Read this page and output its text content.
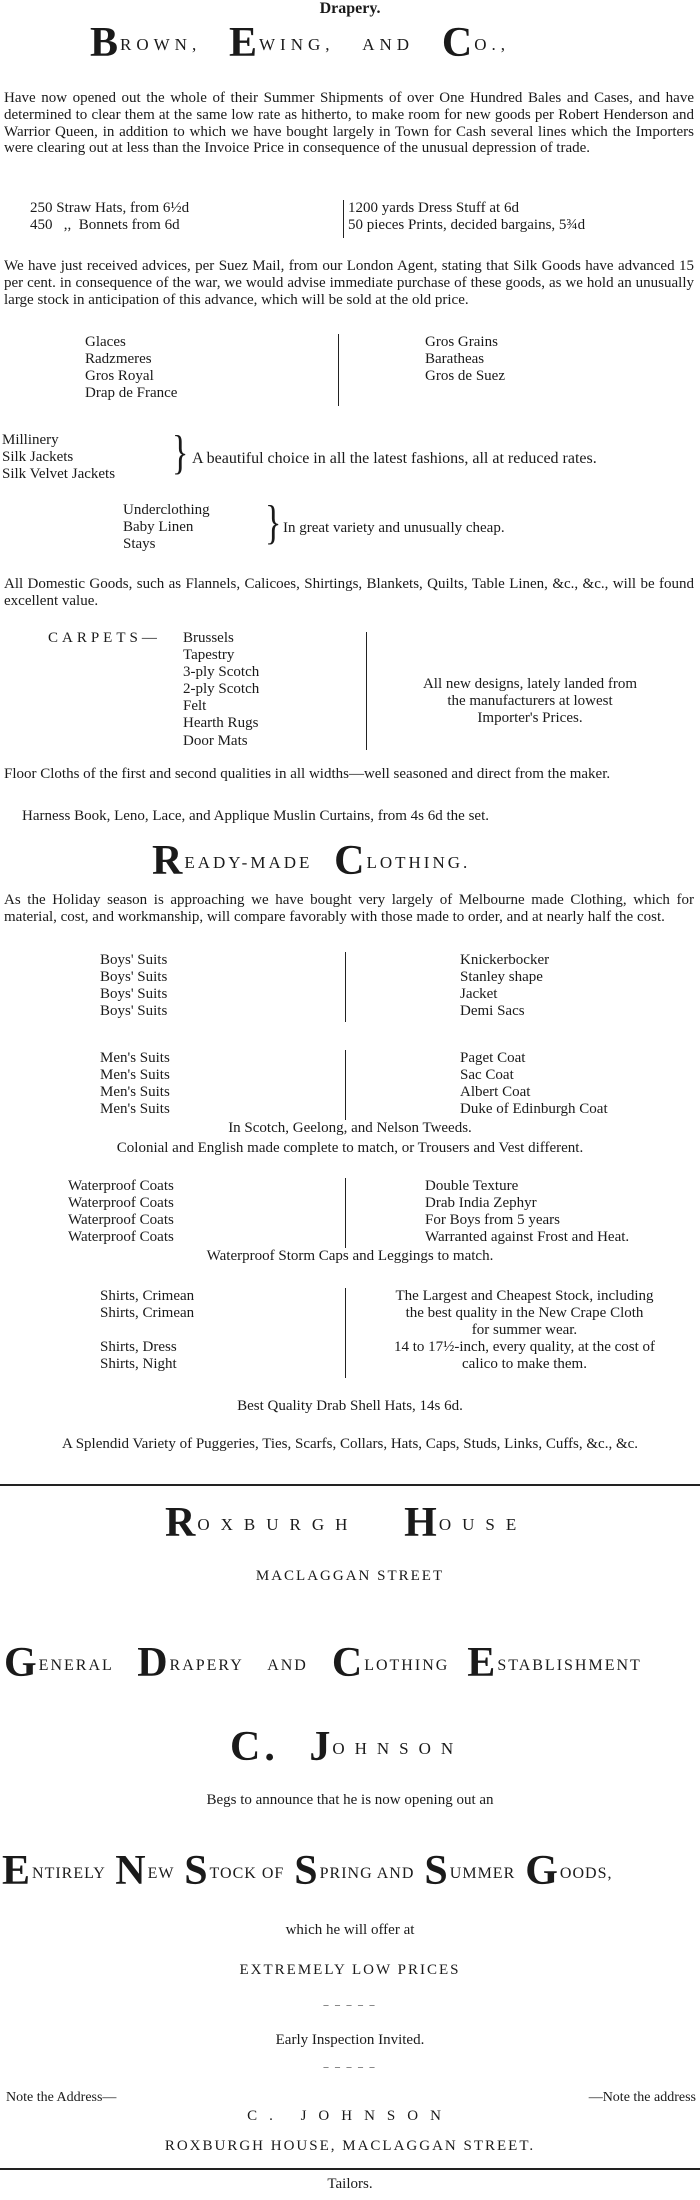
Drapery.
BROWN, E WING, AND C O.,
Have now opened out the whole of their Summer Shipments of over One Hundred Bales and Cases, and have determined to clear them at the same low rate as hitherto, to make room for new goods per Robert Henderson and Warrior Queen, in addition to which we have bought largely in Town for Cash several lines which the Importers were clearing out at less than the Invoice Price in consequence of the unusual depression of trade.
250 Straw Hats, from 6½d
450   ,,  Bonnets from 6d
1200 yards Dress Stuff at 6d
50 pieces Prints, decided bargains, 5¾d
We have just received advices, per Suez Mail, from our London Agent, stating that Silk Goods have advanced 15 per cent. in consequence of the war, we would advise immediate purchase of these goods, as we hold an unusually large stock in anticipation of this advance, which will be sold at the old price.
Glaces
Radzmeres
Gros Royal
Drap de France
Gros Grains
Baratheas
Gros de Suez
Millinery
Silk Jackets
Silk Velvet Jackets } A beautiful choice in all the latest fashions, all at reduced rates.
Underclothing
Baby Linen
Stays	} In great variety and unusually cheap.
All Domestic Goods, such as Flannels, Calicoes, Shirtings, Blankets, Quilts, Table Linen, &c., &c., will be found excellent value.
CARPETS— Brussels
Tapestry
3-ply Scotch
2-ply Scotch
Felt
Hearth Rugs
Door Mats
All new designs, lately landed from
the manufacturers at lowest
Importer's Prices.
Floor Cloths of the first and second qualities in all widths—well seasoned and direct from the maker.
Harness Book, Leno, Lace, and Applique Muslin Curtains, from 4s 6d the set.
READY-MADE C LOTHING.
As the Holiday season is approaching we have bought very largely of Melbourne made Clothing, which for material, cost, and workmanship, will compare favorably with those made to order, and at nearly half the cost.
Boys' Suits
Boys' Suits
Boys' Suits
Boys' Suits
Knickerbocker
Stanley shape
Jacket
Demi Sacs
Men's Suits
Men's Suits
Men's Suits
Men's Suits
Paget Coat
Sac Coat
Albert Coat
Duke of Edinburgh Coat
In Scotch, Geelong, and Nelson Tweeds.
Colonial and English made complete to match, or Trousers and Vest different.
Waterproof Coats
Waterproof Coats
Waterproof Coats
Waterproof Coats
Double Texture
Drab India Zephyr
For Boys from 5 years
Warranted against Frost and Heat.
Waterproof Storm Caps and Leggings to match.
Shirts, Crimean
Shirts, Crimean

Shirts, Dress
Shirts, Night
The Largest and Cheapest Stock, including
the best quality in the New Crape Cloth
for summer wear.
14 to 17½-inch, every quality, at the cost of
calico to make them.
Best Quality Drab Shell Hats, 14s 6d.
A Splendid Variety of Puggeries, Ties, Scarfs, Collars, Hats, Caps, Studs, Links, Cuffs, &c., &c.
ROXBURGH H OUSE
MACLAGGAN STREET
GENERAL D RAPERY AND C LOTHING E STABLISHMENT
C. J OHNSON
Begs to announce that he is now opening out an
ENTIRELY N EW S TOCK OF S PRING AND S UMMER G OODS,
which he will offer at
EXTREMELY LOW PRICES
‒ ‒ ‒ ‒ ‒
Early Inspection Invited.
‒ ‒ ‒ ‒ ‒
Note the Address—	—Note the address
C. JOHNSON
ROXBURGH HOUSE, MACLAGGAN STREET.
Tailors.
